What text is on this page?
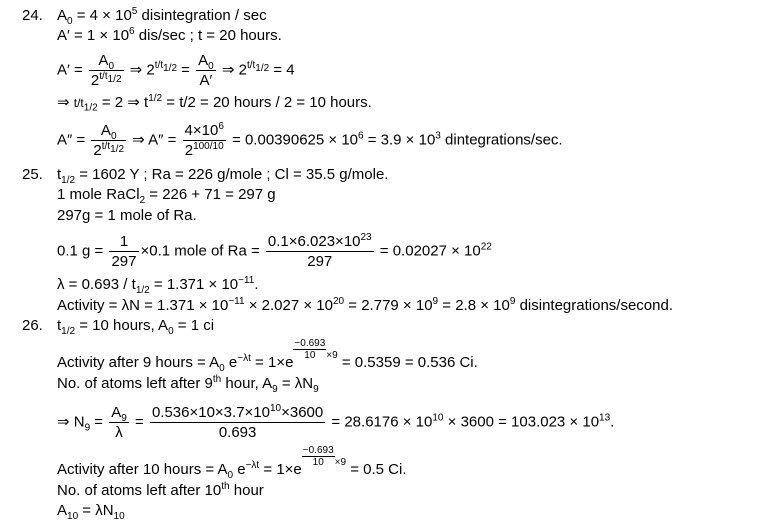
24. $A_0 = 4 \times 10^5$ disintegration / sec
$A' = 1 \times 10^6$ dis/sec ; t = 20 hours.
$A' = \frac{A_0}{2^{t/t_{1/2}}}$ ⇒ $2^{t/t_{1/2}} = \frac{A_0}{A'}$ ⇒ $2^{t/t_{1/2}} = 4$
⇒ $t/t_{1/2} = 2$ ⇒ $t^{1/2} = t/2 = 20$ hours / 2 = 10 hours.
$A'' = \frac{A_0}{2^{t/t_{1/2}}}$ ⇒ $A'' = \frac{4\times 10^6}{2^{100/10}} = 0.00390625 \times 10^6 = 3.9 \times 10^3$ dintegrations/sec.
25. $t_{1/2} = 1602$ Y ; Ra = 226 g/mole ; Cl = 35.5 g/mole.
1 mole RaCl$_2$ = 226 + 71 = 297 g
297g = 1 mole of Ra.
0.1 $g = \frac{1}{297} \times 0.1$ mole of $Ra = \frac{0.1\times 6.023\times 10^{23}}{297} = 0.02027 \times 10^{22}$
$\lambda = 0.693 / t_{1/2} = 1.371 \times 10^{-11}$.
Activity = $\lambda N = 1.371 \times 10^{-11} \times 2.027 \times 10^{20} = 2.779 \times 10^9 = 2.8 \times 10^9$ disintegrations/second.
26. $t_{1/2} = 10$ hours, $A_0 = 1$ ci
Activity after 9 hours = $A_0$ $e^{-\lambda t} = 1\times e$
$\frac{-0.693}{10} \times 9 = 0.5359 = 0.536$ Ci.
No. of atoms left after 9th hour, $A_9 = \lambda N_9$
⇒ $N_9 = \frac{A_9}{\lambda} = \frac{0.536\times 10\times 3.7\times 10^{10}\times 3600}{0.693} = 28.6176 \times 10^{10} \times 3600 = 103.023 \times 10^{13}$.
Activity after 10 hours = $A_0$ $e^{-\lambda t} = 1\times e$
$\frac{-0.693}{10} \times 9 = 0.5$ Ci.
No. of atoms left after 10th hour
$A_{10} = \lambda N_{10}$
